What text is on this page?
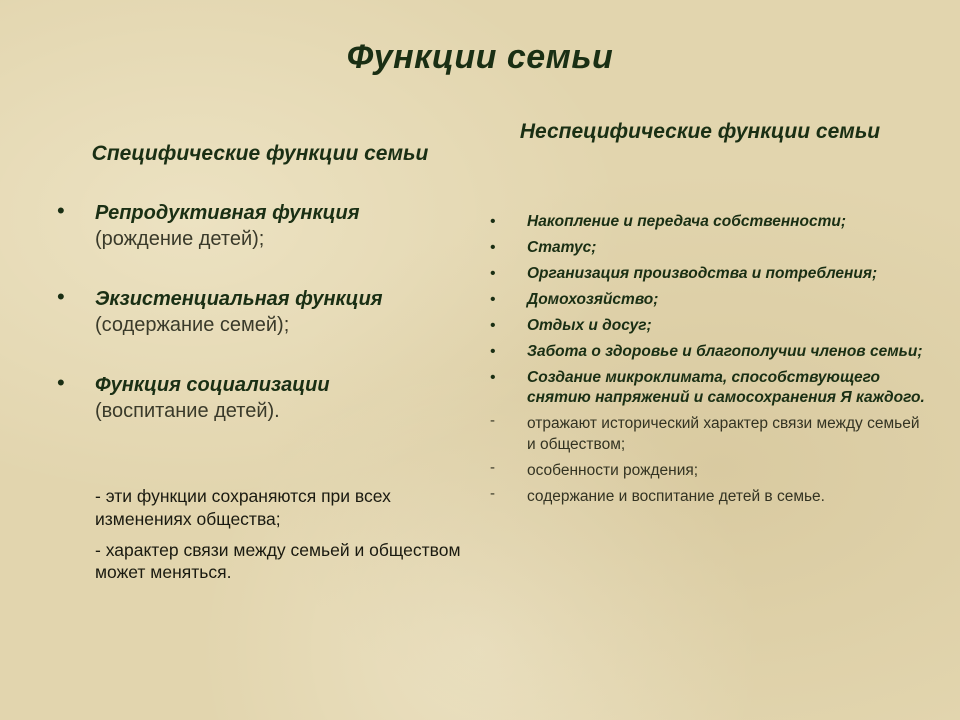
Функции семьи
Специфические функции семьи
Неспецифические функции семьи
• Репродуктивная функция
(рождение детей);
• Экзистенциальная функция
(содержание семей);
• Функция социализации
(воспитание детей).
- эти функции сохраняются при всех изменениях общества;
- характер связи между семьей и обществом может меняться.
• Накопление и передача собственности;
• Статус;
• Организация производства и потребления;
• Домохозяйство;
• Отдых и досуг;
• Забота о здоровье и благополучии членов семьи;
• Создание микроклимата, способствующего снятию напряжений и самосохранения Я каждого.
- отражают исторический характер связи между семьей и обществом;
- особенности рождения;
- содержание и воспитание детей в семье.
